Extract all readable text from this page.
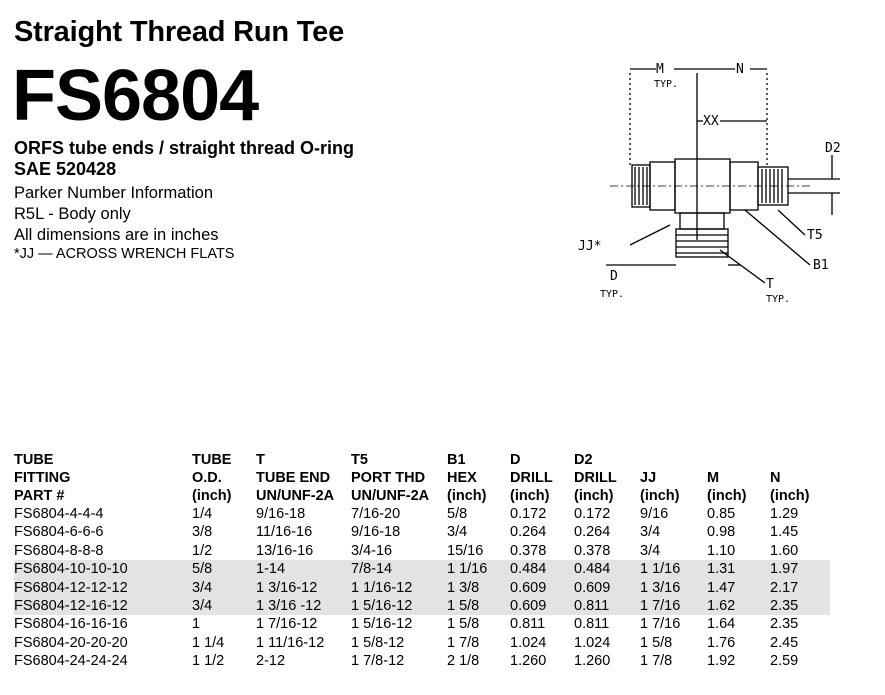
Straight Thread Run Tee
FS6804
ORFS tube ends / straight thread O-ring
SAE 520428
Parker Number Information
R5L - Body only
All dimensions are in inches
*JJ — ACROSS WRENCH FLATS
M
TYP.
N
XX
D2
T5
B1
JJ*
D
TYP.
T
TYP.
TUBE	TUBE	T	T5	B1	D	D2			
FITTING	O.D.	TUBE END	PORT THD	HEX	DRILL	DRILL	JJ	M	N
PART #	(inch)	UN/UNF-2A	UN/UNF-2A	(inch)	(inch)	(inch)	(inch)	(inch)	(inch)
FS6804-4-4-4	1/4	9/16-18	7/16-20	5/8	0.172	0.172	9/16	0.85	1.29
FS6804-6-6-6	3/8	11/16-16	9/16-18	3/4	0.264	0.264	3/4	0.98	1.45
FS6804-8-8-8	1/2	13/16-16	3/4-16	15/16	0.378	0.378	3/4	1.10	1.60
FS6804-10-10-10	5/8	1-14	7/8-14	1 1/16	0.484	0.484	1 1/16	1.31	1.97
FS6804-12-12-12	3/4	1 3/16-12	1 1/16-12	1 3/8	0.609	0.609	1 3/16	1.47	2.17
FS6804-12-16-12	3/4	1 3/16 -12	1 5/16-12	1 5/8	0.609	0.811	1 7/16	1.62	2.35
FS6804-16-16-16	1	1 7/16-12	1 5/16-12	1 5/8	0.811	0.811	1 7/16	1.64	2.35
FS6804-20-20-20	1 1/4	1 11/16-12	1 5/8-12	1 7/8	1.024	1.024	1 5/8	1.76	2.45
FS6804-24-24-24	1 1/2	2-12	1 7/8-12	2 1/8	1.260	1.260	1 7/8	1.92	2.59
